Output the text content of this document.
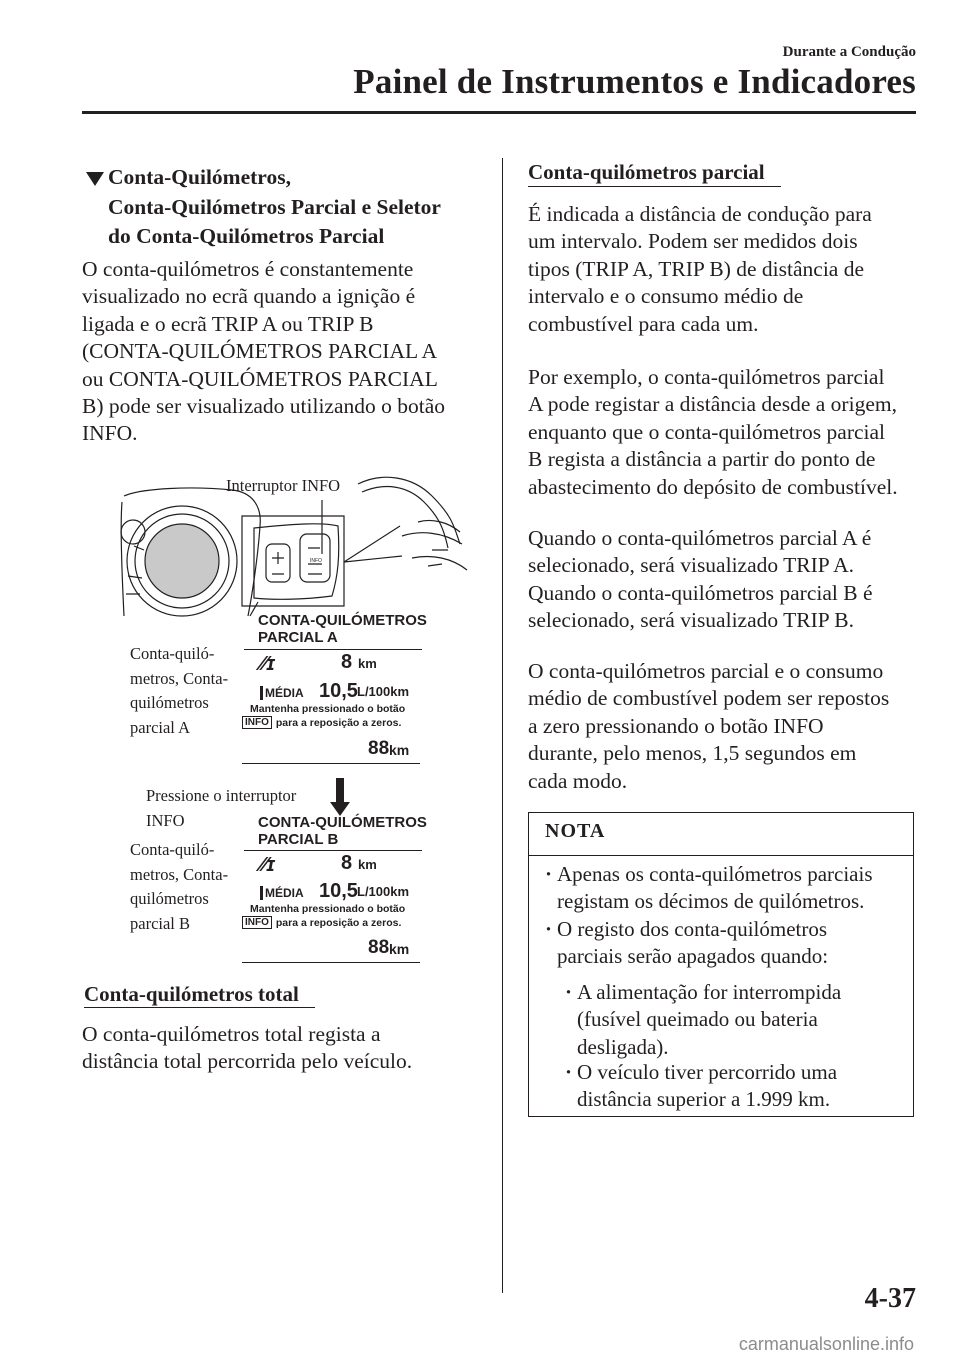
Durante a Condução
Painel de Instrumentos e Indicadores
Conta-Quilómetros,
Conta-Quilómetros Parcial e Seletor
do Conta-Quilómetros Parcial
O conta-quilómetros é constantemente
visualizado no ecrã quando a ignição é
ligada e o ecrã TRIP A ou TRIP B
(CONTA-QUILÓMETROS PARCIAL A
ou CONTA-QUILÓMETROS PARCIAL
B) pode ser visualizado utilizando o botão
INFO.
INFO
Interruptor INFO
CONTA-QUILÓMETROS
PARCIAL A
Conta-quiló-
metros, Conta-
quilómetros
parcial A
⁄⁄ɪ	8 km
MÉDIA 10,5 L/100km
Mantenha pressionado o botão
INFO para a reposição a zeros.
88 km
Pressione o interruptor
INFO	CONTA-QUILÓMETROS
PARCIAL B
Conta-quiló-
metros, Conta-
quilómetros
parcial B
⁄⁄ɪ	8 km
MÉDIA 10,5 L/100km
Mantenha pressionado o botão
INFO para a reposição a zeros.
88 km
Conta-quilómetros total
O conta-quilómetros total regista a
distância total percorrida pelo veículo.
Conta-quilómetros parcial
É indicada a distância de condução para
um intervalo. Podem ser medidos dois
tipos (TRIP A, TRIP B) de distância de
intervalo e o consumo médio de
combustível para cada um.
Por exemplo, o conta-quilómetros parcial
A pode registar a distância desde a origem,
enquanto que o conta-quilómetros parcial
B regista a distância a partir do ponto de
abastecimento do depósito de combustível.
Quando o conta-quilómetros parcial A é
selecionado, será visualizado TRIP A.
Quando o conta-quilómetros parcial B é
selecionado, será visualizado TRIP B.
O conta-quilómetros parcial e o consumo
médio de combustível podem ser repostos
a zero pressionando o botão INFO
durante, pelo menos, 1,5 segundos em
cada modo.
NOTA
· Apenas os conta-quilómetros parciais
registam os décimos de quilómetros.
· O registo dos conta-quilómetros
parciais serão apagados quando:
· A alimentação for interrompida
(fusível queimado ou bateria
desligada).
· O veículo tiver percorrido uma
distância superior a 1.999 km.
4-37
carmanualsonline.info
